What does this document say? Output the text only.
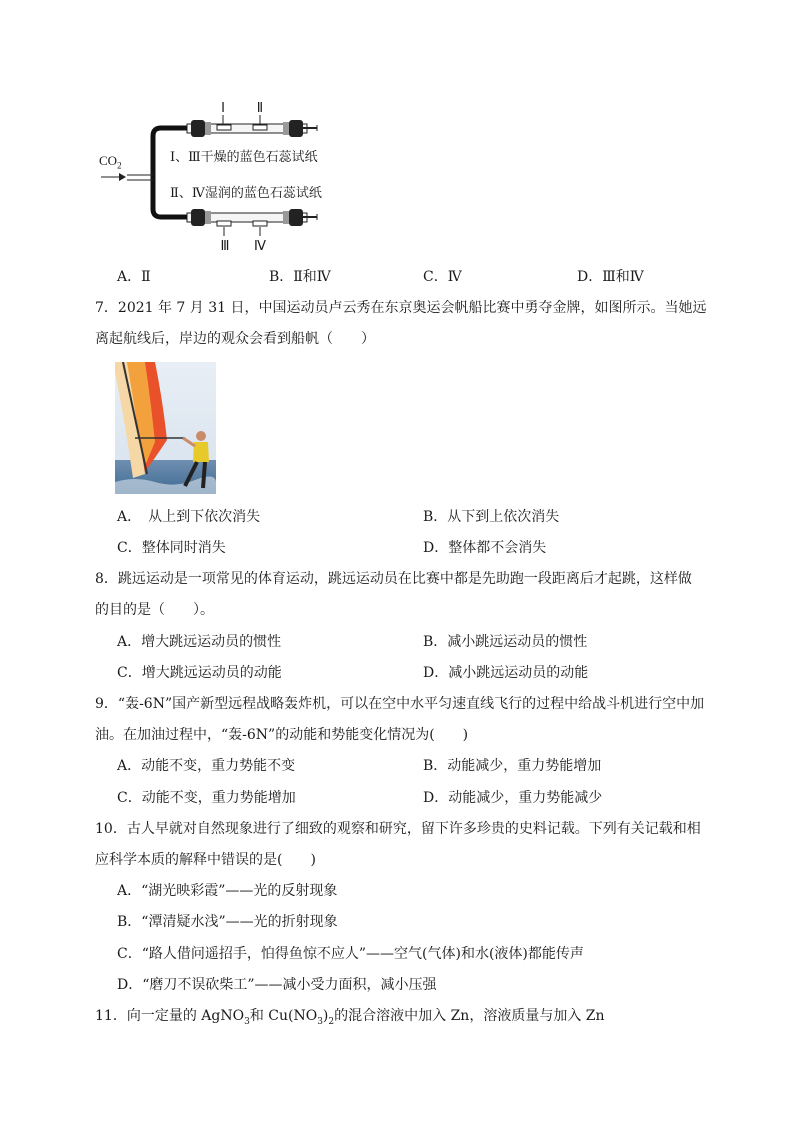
Ⅰ Ⅱ
Ⅲ Ⅳ
$CO_2$
Ⅰ、Ⅲ干燥的蓝色石蕊试纸
Ⅱ、Ⅳ湿润的蓝色石蕊试纸
A．Ⅱ	B．Ⅱ和Ⅳ	C．Ⅳ	D．Ⅲ和Ⅳ
7．2021 年 7 月 31 日，中国运动员卢云秀在东京奥运会帆船比赛中勇夺金牌，如图所示。当她远
离起航线后，岸边的观众会看到船帆（　　）
A．　从上到下依次消失	B．从下到上依次消失
C．整体同时消失	D．整体都不会消失
8．跳远运动是一项常见的体育运动，跳远运动员在比赛中都是先助跑一段距离后才起跳，这样做
的目的是（　　）。
A．增大跳远运动员的惯性	B．减小跳远运动员的惯性
C．增大跳远运动员的动能	D．减小跳远运动员的动能
9．“轰-6N”国产新型远程战略轰炸机，可以在空中水平匀速直线飞行的过程中给战斗机进行空中加
油。在加油过程中，“轰-6N”的动能和势能变化情况为(　　)
A．动能不变，重力势能不变	B．动能减少，重力势能增加
C．动能不变，重力势能增加	D．动能减少，重力势能减少
10．古人早就对自然现象进行了细致的观察和研究，留下许多珍贵的史料记载。下列有关记载和相
应科学本质的解释中错误的是(　　)
A．“湖光映彩霞”——光的反射现象
B．“潭清疑水浅”——光的折射现象
C．“路人借问遥招手，怕得鱼惊不应人”——空气(气体)和水(液体)都能传声
D．“磨刀不误砍柴工”——减小受力面积，减小压强
11．向一定量的 AgNO$_3$和 $Cu(NO_3)_2$的混合溶液中加入 Zn，溶液质量与加入 Zn
